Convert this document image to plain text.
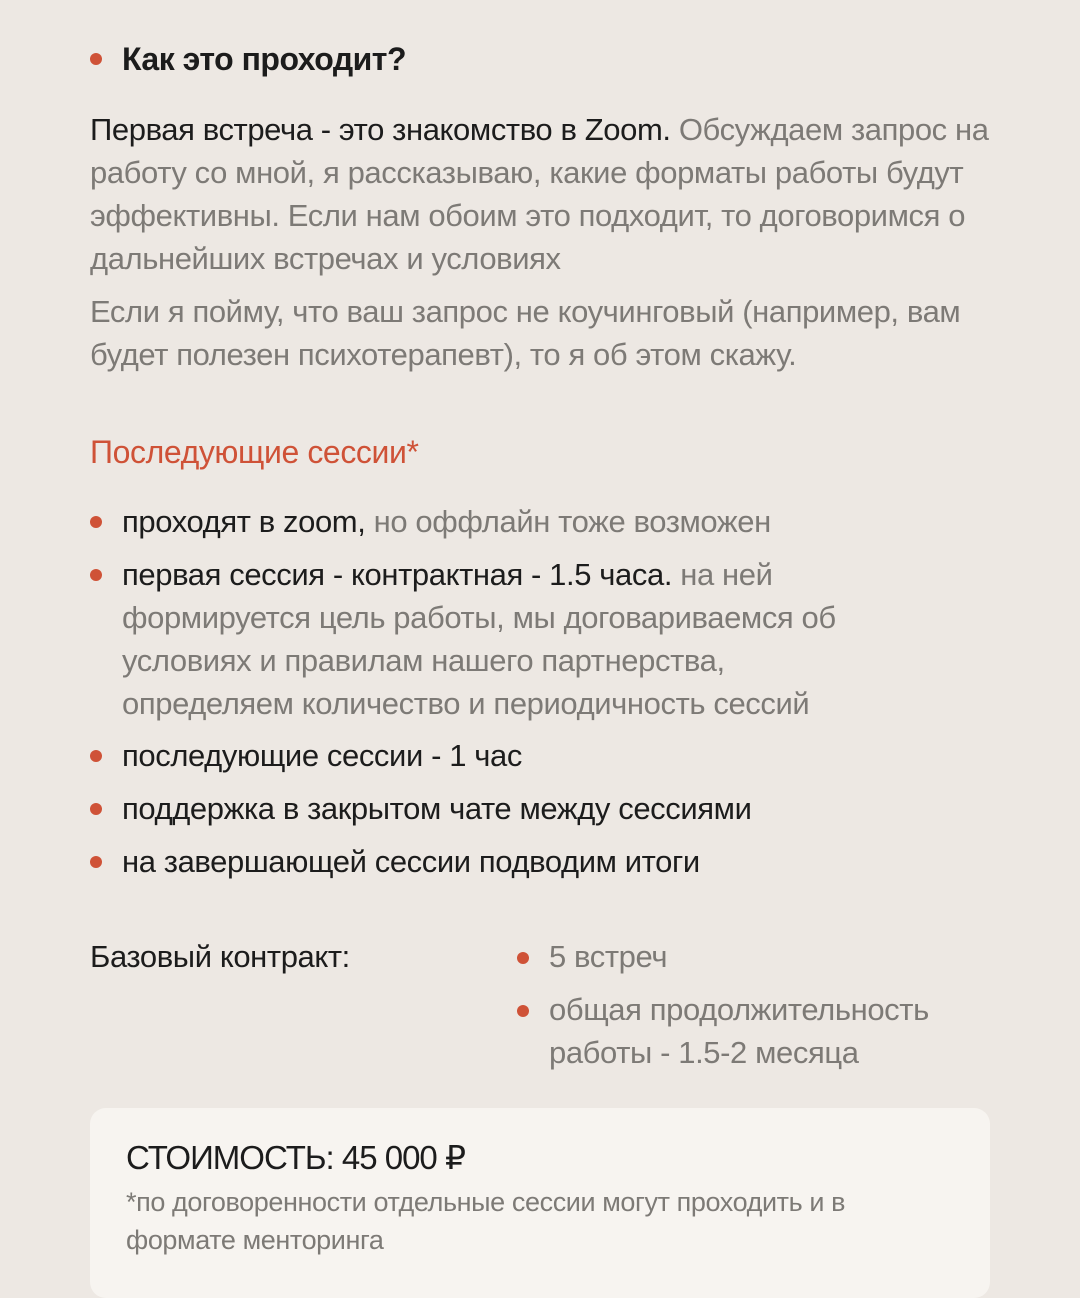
Как это проходит?
Первая встреча - это знакомство в Zoom. Обсуждаем запрос на работу со мной, я рассказываю, какие форматы работы будут эффективны. Если нам обоим это подходит, то договоримся о дальнейших встречах и условиях
Если я пойму, что ваш запрос не коучинговый (например, вам будет полезен психотерапевт), то я об этом скажу.
Последующие сессии*
проходят в zoom, но оффлайн тоже возможен
первая сессия - контрактная - 1.5 часа. на ней формируется цель работы, мы договариваемся об условиях и правилам нашего партнерства, определяем количество и периодичность сессий
последующие сессии - 1 час
поддержка в закрытом чате между сессиями
на завершающей сессии подводим итоги
Базовый контракт:	5 встреч
общая продолжительность работы - 1.5-2 месяца
СТОИМОСТЬ: 45 000 ₽
*по договоренности отдельные сессии могут проходить и в формате менторинга
